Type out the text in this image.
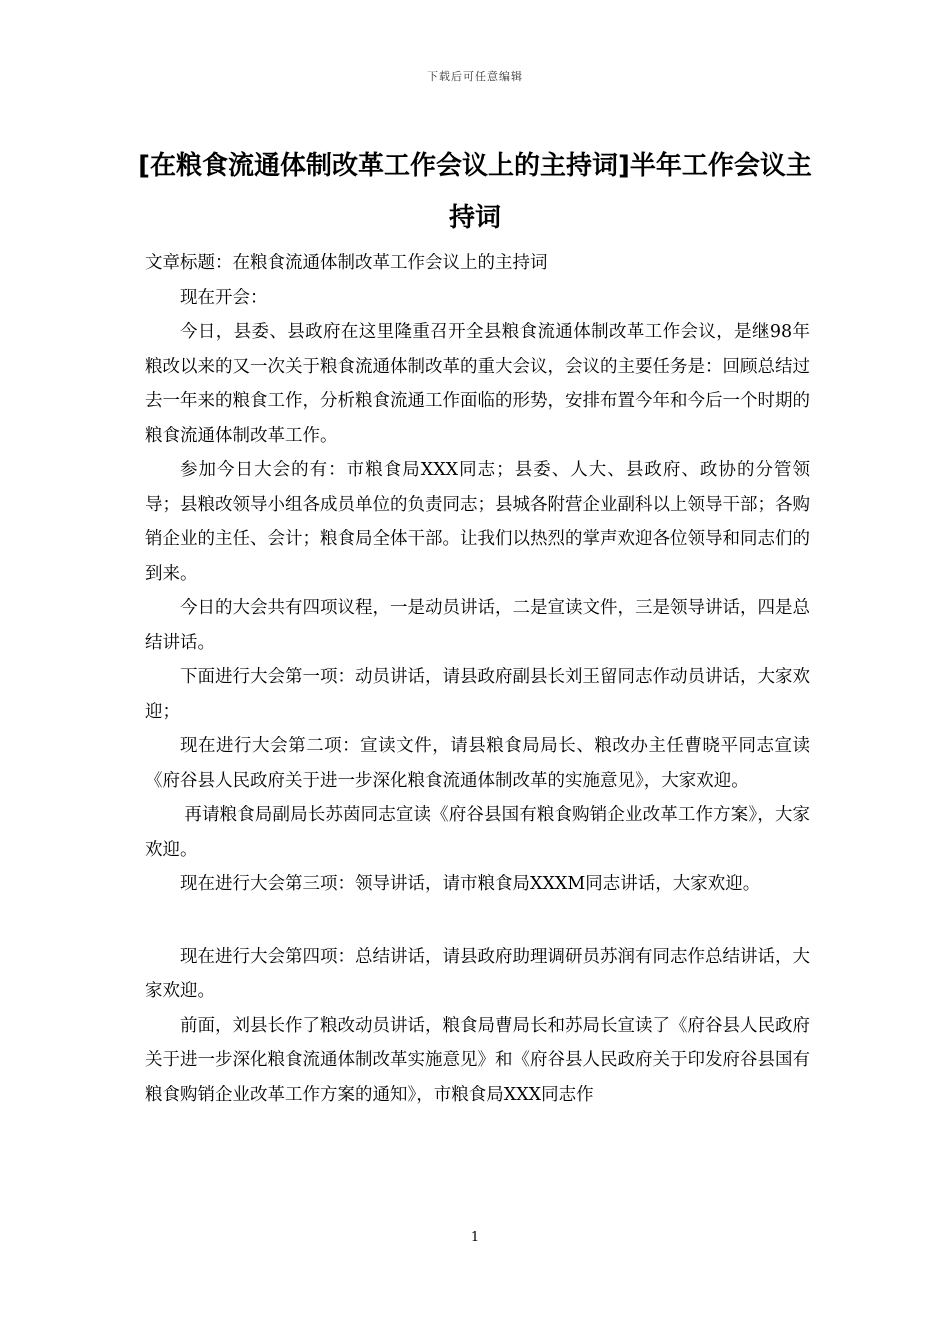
下载后可任意编辑
[在粮食流通体制改革工作会议上的主持词]半年工作会议主持词

文章标题：在粮食流通体制改革工作会议上的主持词

现在开会：

今日，县委、县政府在这里隆重召开全县粮食流通体制改革工作会议，是继98年粮改以来的又一次关于粮食流通体制改革的重大会议，会议的主要任务是：回顾总结过去一年来的粮食工作，分析粮食流通工作面临的形势，安排布置今年和今后一个时期的粮食流通体制改革工作。

参加今日大会的有：市粮食局XXX同志；县委、人大、县政府、政协的分管领导；县粮改领导小组各成员单位的负责同志；县城各附营企业副科以上领导干部；各购销企业的主任、会计；粮食局全体干部。让我们以热烈的掌声欢迎各位领导和同志们的到来。

今日的大会共有四项议程，一是动员讲话，二是宣读文件，三是领导讲话，四是总结讲话。

下面进行大会第一项：动员讲话，请县政府副县长刘王留同志作动员讲话，大家欢迎；

现在进行大会第二项：宣读文件，请县粮食局局长、粮改办主任曹晓平同志宣读《府谷县人民政府关于进一步深化粮食流通体制改革的实施意见》，大家欢迎。

再请粮食局副局长苏茵同志宣读《府谷县国有粮食购销企业改革工作方案》，大家欢迎。

现在进行大会第三项：领导讲话，请市粮食局XXXM同志讲话，大家欢迎。

现在进行大会第四项：总结讲话，请县政府助理调研员苏润有同志作总结讲话，大家欢迎。

前面，刘县长作了粮改动员讲话，粮食局曹局长和苏局长宣读了《府谷县人民政府关于进一步深化粮食流通体制改革实施意见》和《府谷县人民政府关于印发府谷县国有粮食购销企业改革工作方案的通知》，市粮食局XXX同志作

1
